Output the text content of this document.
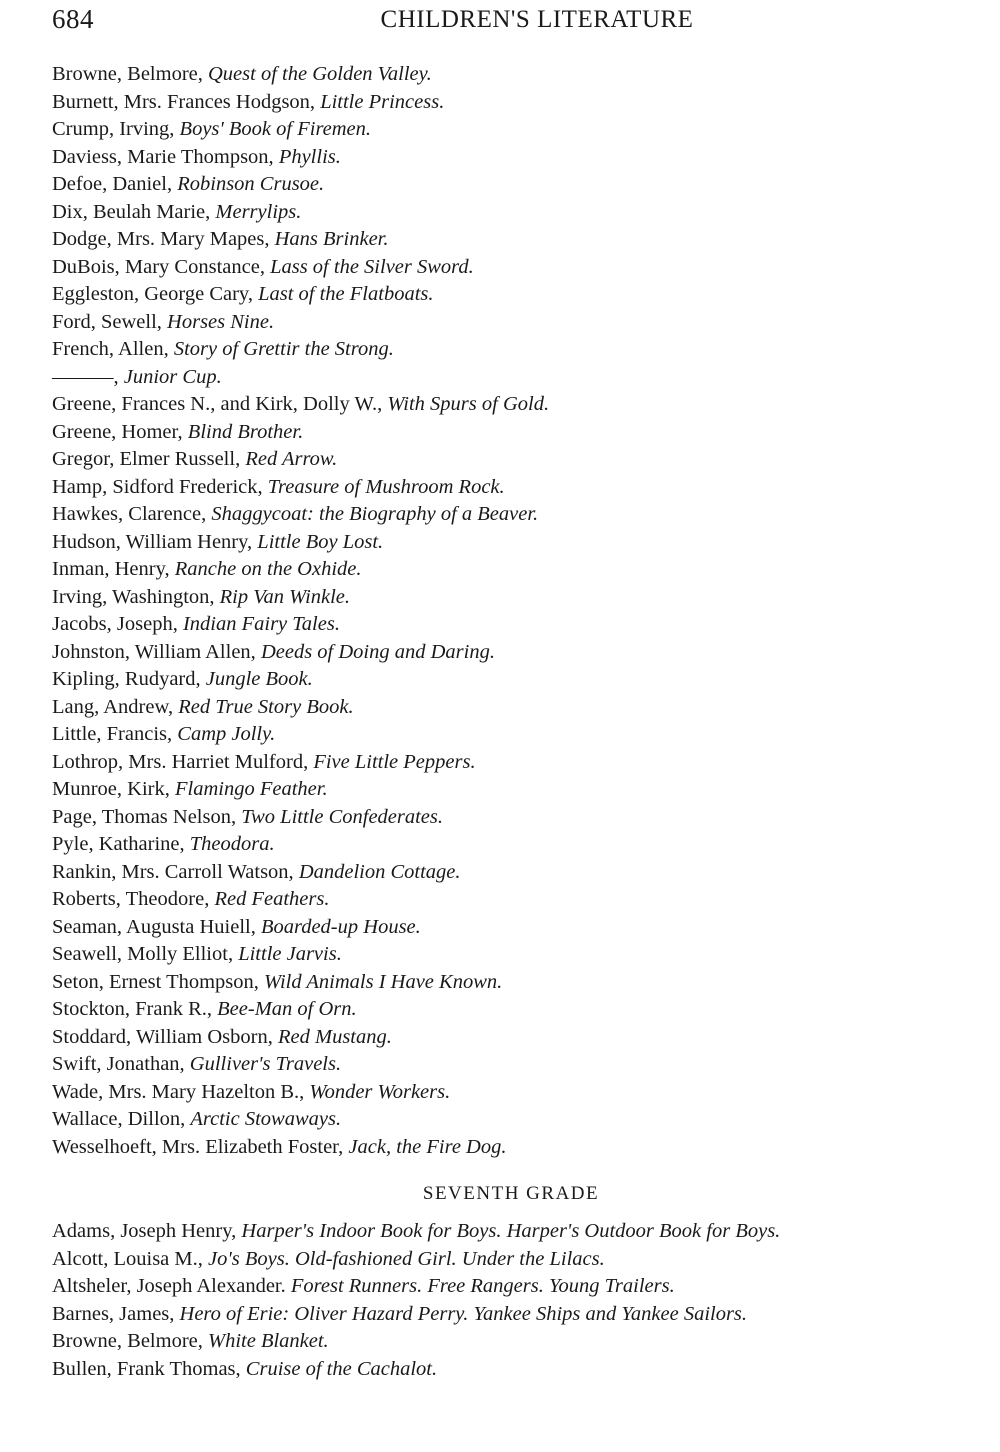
684	CHILDREN'S LITERATURE
Browne, Belmore, Quest of the Golden Valley.
Burnett, Mrs. Frances Hodgson, Little Princess.
Crump, Irving, Boys' Book of Firemen.
Daviess, Marie Thompson, Phyllis.
Defoe, Daniel, Robinson Crusoe.
Dix, Beulah Marie, Merrylips.
Dodge, Mrs. Mary Mapes, Hans Brinker.
DuBois, Mary Constance, Lass of the Silver Sword.
Eggleston, George Cary, Last of the Flatboats.
Ford, Sewell, Horses Nine.
French, Allen, Story of Grettir the Strong.
———, Junior Cup.
Greene, Frances N., and Kirk, Dolly W., With Spurs of Gold.
Greene, Homer, Blind Brother.
Gregor, Elmer Russell, Red Arrow.
Hamp, Sidford Frederick, Treasure of Mushroom Rock.
Hawkes, Clarence, Shaggycoat: the Biography of a Beaver.
Hudson, William Henry, Little Boy Lost.
Inman, Henry, Ranche on the Oxhide.
Irving, Washington, Rip Van Winkle.
Jacobs, Joseph, Indian Fairy Tales.
Johnston, William Allen, Deeds of Doing and Daring.
Kipling, Rudyard, Jungle Book.
Lang, Andrew, Red True Story Book.
Little, Francis, Camp Jolly.
Lothrop, Mrs. Harriet Mulford, Five Little Peppers.
Munroe, Kirk, Flamingo Feather.
Page, Thomas Nelson, Two Little Confederates.
Pyle, Katharine, Theodora.
Rankin, Mrs. Carroll Watson, Dandelion Cottage.
Roberts, Theodore, Red Feathers.
Seaman, Augusta Huiell, Boarded-up House.
Seawell, Molly Elliot, Little Jarvis.
Seton, Ernest Thompson, Wild Animals I Have Known.
Stockton, Frank R., Bee-Man of Orn.
Stoddard, William Osborn, Red Mustang.
Swift, Jonathan, Gulliver's Travels.
Wade, Mrs. Mary Hazelton B., Wonder Workers.
Wallace, Dillon, Arctic Stowaways.
Wesselhoeft, Mrs. Elizabeth Foster, Jack, the Fire Dog.
SEVENTH GRADE
Adams, Joseph Henry, Harper's Indoor Book for Boys. Harper's Outdoor Book for Boys.
Alcott, Louisa M., Jo's Boys. Old-fashioned Girl. Under the Lilacs.
Altsheler, Joseph Alexander. Forest Runners. Free Rangers. Young Trailers.
Barnes, James, Hero of Erie: Oliver Hazard Perry. Yankee Ships and Yankee Sailors.
Browne, Belmore, White Blanket.
Bullen, Frank Thomas, Cruise of the Cachalot.
